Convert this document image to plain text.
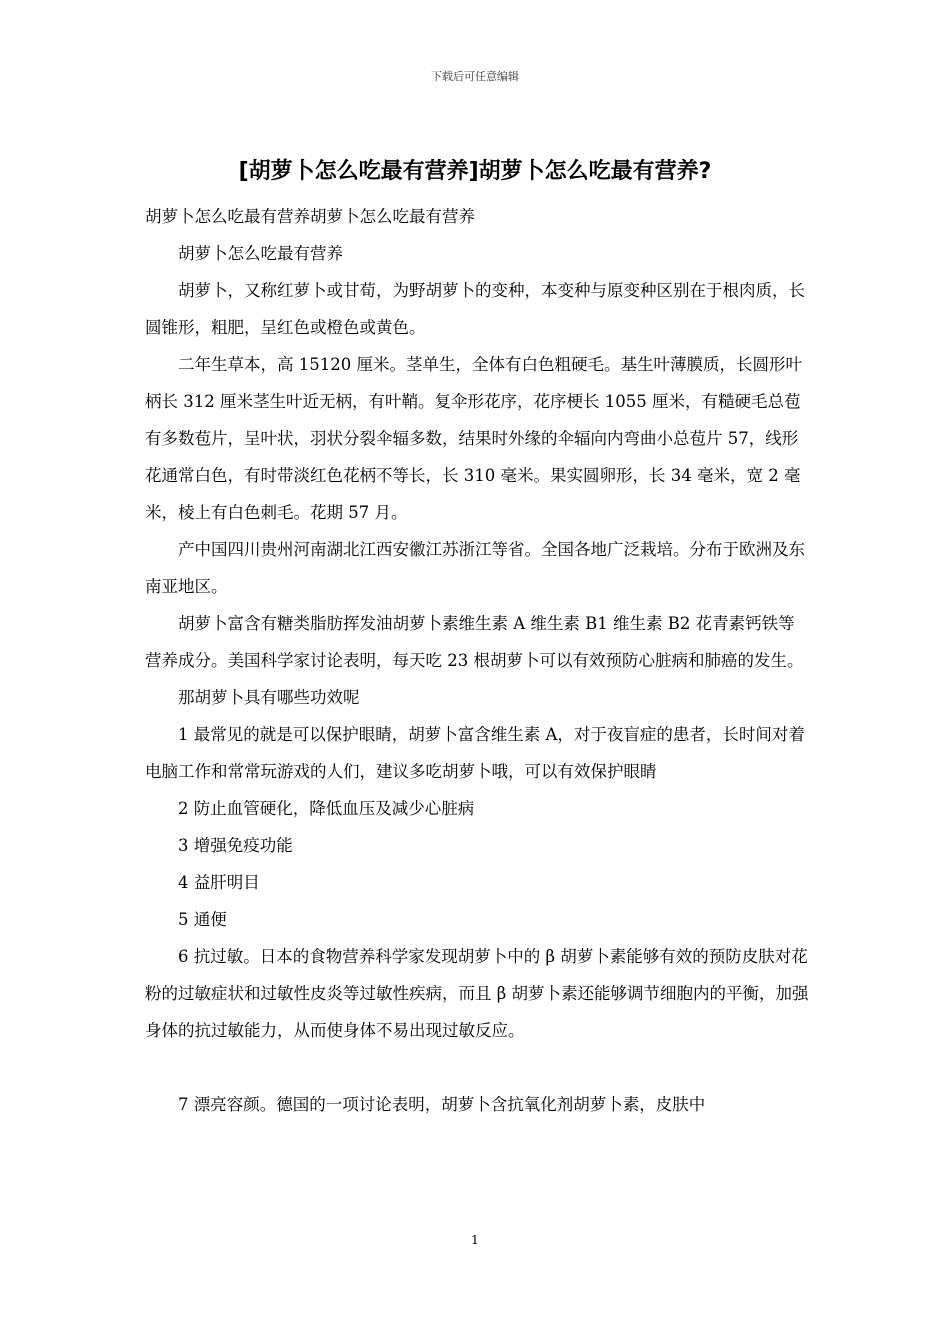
下载后可任意编辑
[胡萝卜怎么吃最有营养]胡萝卜怎么吃最有营养?

胡萝卜怎么吃最有营养胡萝卜怎么吃最有营养

胡萝卜怎么吃最有营养

胡萝卜，又称红萝卜或甘荀，为野胡萝卜的变种，本变种与原变种区别在于根肉质，长圆锥形，粗肥，呈红色或橙色或黄色。

二年生草本，高 15120 厘米。茎单生，全体有白色粗硬毛。基生叶薄膜质，长圆形叶柄长 312 厘米茎生叶近无柄，有叶鞘。复伞形花序，花序梗长 1055 厘米，有糙硬毛总苞有多数苞片，呈叶状，羽状分裂伞辐多数，结果时外缘的伞辐向内弯曲小总苞片 57，线形花通常白色，有时带淡红色花柄不等长，长 310 毫米。果实圆卵形，长 34 毫米，宽 2 毫米，棱上有白色刺毛。花期 57 月。

产中国四川贵州河南湖北江西安徽江苏浙江等省。全国各地广泛栽培。分布于欧洲及东南亚地区。

胡萝卜富含有糖类脂肪挥发油胡萝卜素维生素 A 维生素 B1 维生素 B2 花青素钙铁等营养成分。美国科学家讨论表明，每天吃 23 根胡萝卜可以有效预防心脏病和肺癌的发生。

那胡萝卜具有哪些功效呢

1 最常见的就是可以保护眼睛，胡萝卜富含维生素 A，对于夜盲症的患者，长时间对着电脑工作和常常玩游戏的人们，建议多吃胡萝卜哦，可以有效保护眼睛

2 防止血管硬化，降低血压及减少心脏病

3 增强免疫功能

4 益肝明目

5 通便

6 抗过敏。日本的食物营养科学家发现胡萝卜中的 β 胡萝卜素能够有效的预防皮肤对花粉的过敏症状和过敏性皮炎等过敏性疾病，而且 β 胡萝卜素还能够调节细胞内的平衡，加强身体的抗过敏能力，从而使身体不易出现过敏反应。

7 漂亮容颜。德国的一项讨论表明，胡萝卜含抗氧化剂胡萝卜素，皮肤中

1
